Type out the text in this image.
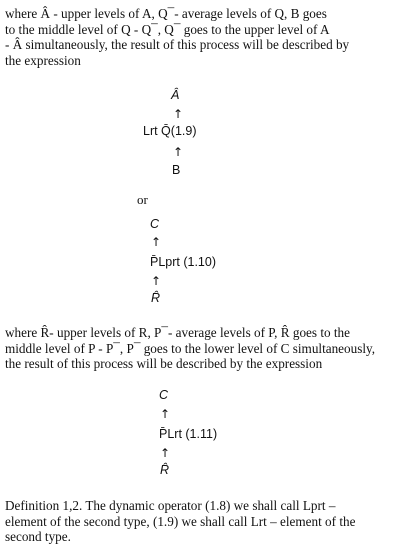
where Â - upper levels of A, Q¯- average levels of Q, B goes
to the middle level of Q - Q¯, Q¯ goes to the upper level of A
- Â simultaneously, the result of this process will be described by
the expression

Â
↑
Lrt Q̄(1.9)
↑
B
or
C
↑
P̄Lprt (1.10)
↑
R̂

where R̂- upper levels of R, P¯- average levels of P, R̂ goes to the
middle level of P - P¯, P¯ goes to the lower level of C simultaneously,
the result of this process will be described by the expression

C
↑
P̄Lrt (1.11)
↑
R̂

Definition 1,2. The dynamic operator (1.8) we shall call Lprt –
element of the second type, (1.9) we shall call Lrt – element of the
second type.
